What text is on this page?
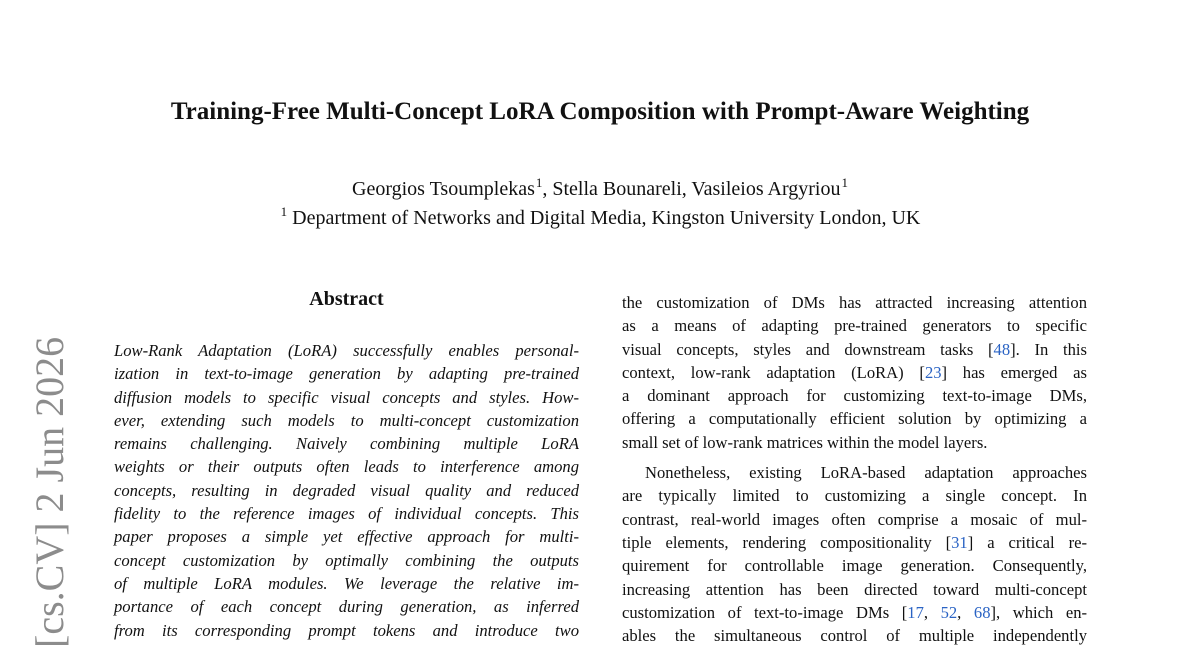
Training-Free Multi-Concept LoRA Composition with Prompt-Aware Weighting
Georgios Tsoumplekas$^1$, Stella Bounareli, Vasileios Argyriou$^1$
$^1$ Department of Networks and Digital Media, Kingston University London, UK
Abstract
Low-Rank Adaptation (LoRA) successfully enables personal-
ization in text-to-image generation by adapting pre-trained
diffusion models to specific visual concepts and styles. How-
ever, extending such models to multi-concept customization
remains challenging. Naively combining multiple LoRA
weights or their outputs often leads to interference among
concepts, resulting in degraded visual quality and reduced
fidelity to the reference images of individual concepts. This
paper proposes a simple yet effective approach for multi-
concept customization by optimally combining the outputs
of multiple LoRA modules. We leverage the relative im-
portance of each concept during generation, as inferred
from its corresponding prompt tokens and introduce two
the customization of DMs has attracted increasing attention
as a means of adapting pre-trained generators to specific
visual concepts, styles and downstream tasks [48]. In this
context, low-rank adaptation (LoRA) [23] has emerged as
a dominant approach for customizing text-to-image DMs,
offering a computationally efficient solution by optimizing a
small set of low-rank matrices within the model layers.
Nonetheless, existing LoRA-based adaptation approaches
are typically limited to customizing a single concept. In
contrast, real-world images often comprise a mosaic of mul-
tiple elements, rendering compositionality [31] a critical re-
quirement for controllable image generation. Consequently,
increasing attention has been directed toward multi-concept
customization of text-to-image DMs [17, 52, 68], which en-
ables the simultaneous control of multiple independently
[cs.CV] 2 Jun 2026
